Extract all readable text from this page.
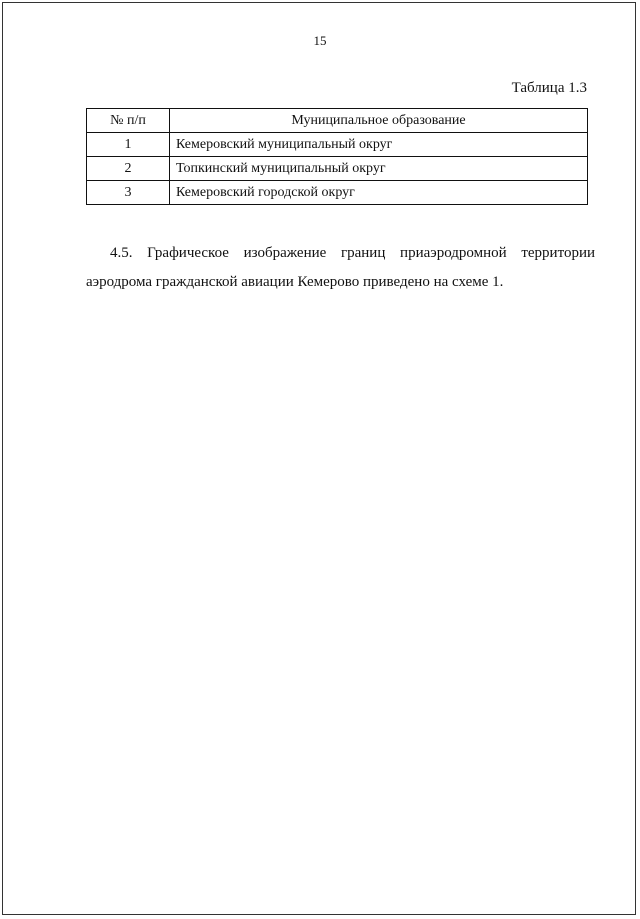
15
Таблица 1.3
№ п/п	Муниципальное образование
1	Кемеровский муниципальный округ
2	Топкинский муниципальный округ
3	Кемеровский городской округ

4.5. Графическое изображение границ приаэродромной территории аэродрома гражданской авиации Кемерово приведено на схеме 1.
